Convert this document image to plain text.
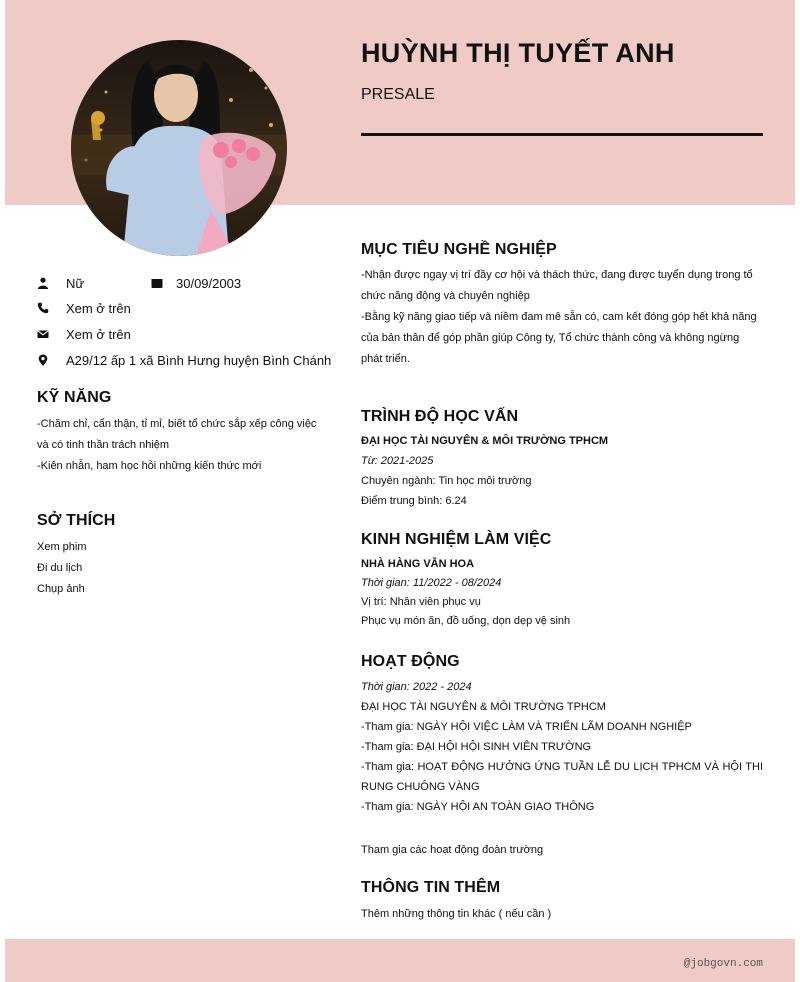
HUỲNH THỊ TUYẾT ANH
PRESALE
Nữ	30/09/2003
Xem ở trên
Xem ở trên
A29/12 ấp 1 xã Bình Hưng huyện Bình Chánh
KỸ NĂNG
-Chăm chỉ, cẩn thận, tỉ mỉ, biết tổ chức sắp xếp công việc và có tinh thần trách nhiệm
-Kiên nhẫn, ham học hỏi những kiến thức mới
SỞ THÍCH
Xem phim
Đi du lịch
Chụp ảnh
MỤC TIÊU NGHỀ NGHIỆP
-Nhận được ngay vị trí đầy cơ hội và thách thức, đang được tuyển dụng trong tổ chức năng động và chuyên nghiệp
-Bằng kỹ năng giao tiếp và niềm đam mê sẵn có, cam kết đóng góp hết khả năng của bản thân để góp phần giúp Công ty, Tổ chức thành công và không ngừng phát triển.
TRÌNH ĐỘ HỌC VẤN
ĐẠI HỌC TÀI NGUYÊN & MÔI TRƯỜNG TPHCM
Từ: 2021-2025
Chuyên ngành: Tin học môi trường
Điểm trung bình: 6.24
KINH NGHIỆM LÀM VIỆC
NHÀ HÀNG VĂN HOA
Thời gian: 11/2022 - 08/2024
Vị trí: Nhân viên phục vụ
Phục vụ món ăn, đồ uống, dọn dẹp vệ sinh
HOẠT ĐỘNG
Thời gian: 2022 - 2024
ĐẠI HỌC TÀI NGUYÊN & MÔI TRƯỜNG TPHCM
-Tham gia: NGÀY HỘI VIỆC LÀM VÀ TRIỂN LÃM DOANH NGHIỆP
-Tham gia: ĐẠI HỘI HỘI SINH VIÊN TRƯỜNG
-Tham gia: HOẠT ĐỘNG HƯỞNG ỨNG TUẦN LỄ DU LỊCH TPHCM VÀ HỘI THI RUNG CHUÔNG VÀNG
-Tham gia: NGÀY HỘI AN TOÀN GIAO THÔNG
Tham gia các hoạt động đoàn trường
THÔNG TIN THÊM
Thêm những thông tin khác ( nếu cần )
@jobgovn.com
